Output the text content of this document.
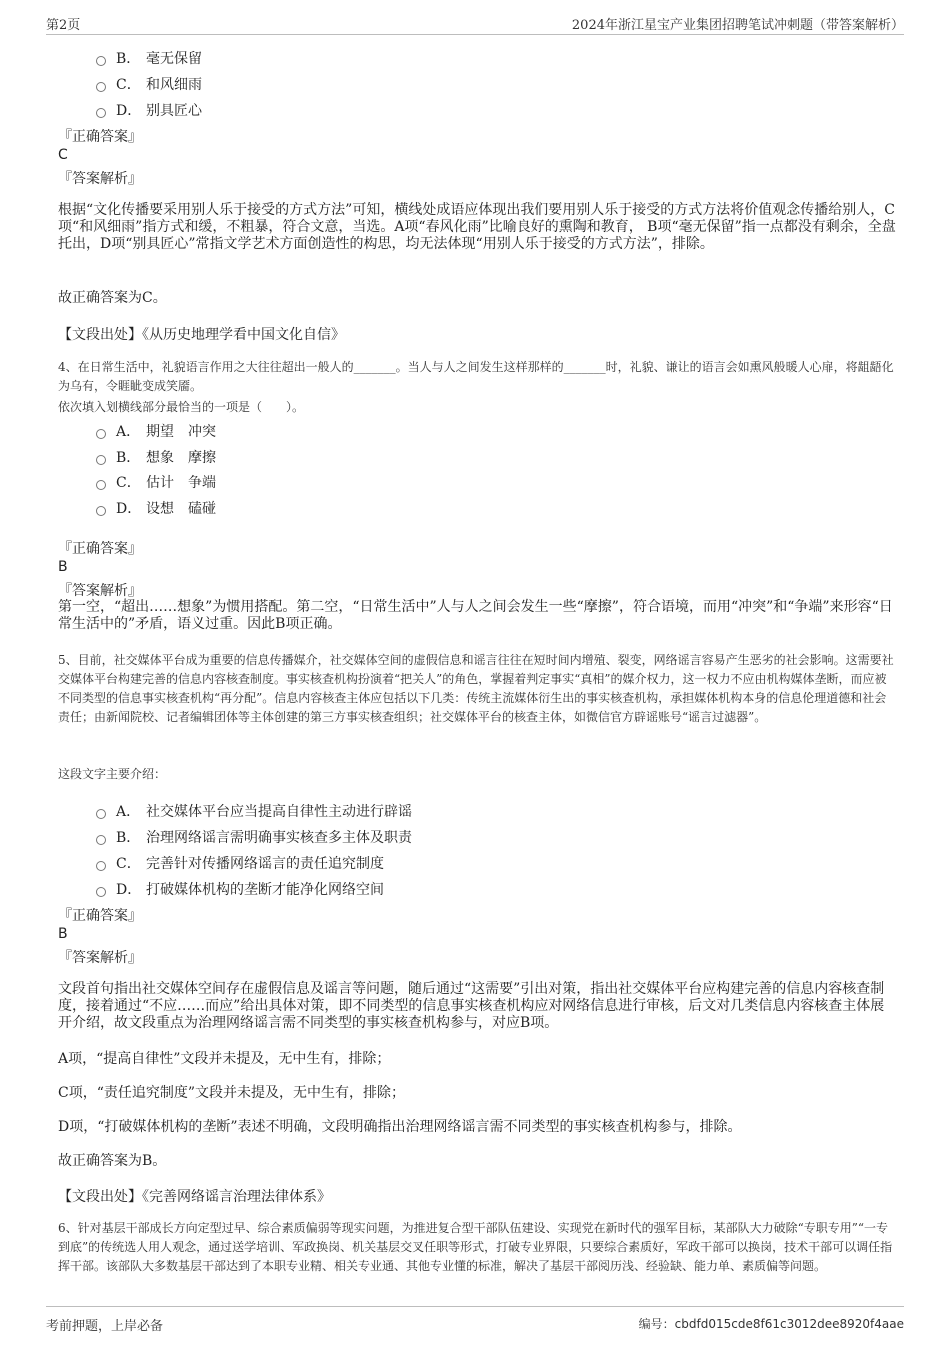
第2页	2024年浙江星宝产业集团招聘笔试冲刺题（带答案解析）
B． 毫无保留
C． 和风细雨
D． 别具匠心
『正确答案』
C
『答案解析』
根据“文化传播要采用别人乐于接受的方式方法”可知，横线处成语应体现出我们要用别人乐于接受的方式方法将价值观念传播给别人，C项“和风细雨”指方式和缓，不粗暴，符合文意，当选。A项“春风化雨”比喻良好的熏陶和教育， B项“毫无保留”指一点都没有剩余，全盘托出，D项“别具匠心”常指文学艺术方面创造性的构思，均无法体现“用别人乐于接受的方式方法”，排除。
故正确答案为C。
【文段出处】《从历史地理学看中国文化自信》
4、在日常生活中，礼貌语言作用之大往往超出一般人的_______。当人与人之间发生这样那样的_______时，礼貌、谦让的语言会如熏风般暖人心扉，将龃龉化为乌有，令睚眦变成笑靥。
依次填入划横线部分最恰当的一项是（　　）。
A． 期望　冲突
B． 想象　摩擦
C． 估计　争端
D． 设想　磕碰
『正确答案』
B
『答案解析』
第一空，“超出……想象”为惯用搭配。第二空，“日常生活中”人与人之间会发生一些“摩擦”，符合语境，而用“冲突”和“争端”来形容“日常生活中的”矛盾，语义过重。因此B项正确。
5、目前，社交媒体平台成为重要的信息传播媒介，社交媒体空间的虚假信息和谣言往往在短时间内增殖、裂变，网络谣言容易产生恶劣的社会影响。这需要社交媒体平台构建完善的信息内容核查制度。事实核查机构扮演着“把关人”的角色，掌握着判定事实“真相”的媒介权力，这一权力不应由机构媒体垄断，而应被不同类型的信息事实核查机构“再分配”。信息内容核查主体应包括以下几类：传统主流媒体衍生出的事实核查机构，承担媒体机构本身的信息伦理道德和社会责任；由新闻院校、记者编辑团体等主体创建的第三方事实核查组织；社交媒体平台的核查主体，如微信官方辟谣账号“谣言过滤器”。
这段文字主要介绍：
A． 社交媒体平台应当提高自律性主动进行辟谣
B． 治理网络谣言需明确事实核查多主体及职责
C． 完善针对传播网络谣言的责任追究制度
D． 打破媒体机构的垄断才能净化网络空间
『正确答案』
B
『答案解析』
文段首句指出社交媒体空间存在虚假信息及谣言等问题，随后通过“这需要”引出对策，指出社交媒体平台应构建完善的信息内容核查制度，接着通过“不应……而应”给出具体对策，即不同类型的信息事实核查机构应对网络信息进行审核，后文对几类信息内容核查主体展开介绍，故文段重点为治理网络谣言需不同类型的事实核查机构参与，对应B项。
A项，“提高自律性”文段并未提及，无中生有，排除；
C项，“责任追究制度”文段并未提及，无中生有，排除；
D项，“打破媒体机构的垄断”表述不明确，文段明确指出治理网络谣言需不同类型的事实核查机构参与，排除。
故正确答案为B。
【文段出处】《完善网络谣言治理法律体系》
6、针对基层干部成长方向定型过早、综合素质偏弱等现实问题，为推进复合型干部队伍建设、实现党在新时代的强军目标，某部队大力破除“专职专用”“一专到底”的传统选人用人观念，通过送学培训、军政换岗、机关基层交叉任职等形式，打破专业界限，只要综合素质好，军政干部可以换岗，技术干部可以调任指挥干部。该部队大多数基层干部达到了本职专业精、相关专业通、其他专业懂的标准，解决了基层干部阅历浅、经验缺、能力单、素质偏等问题。
考前押题，上岸必备	编号：cbdfd015cde8f61c3012dee8920f4aae
